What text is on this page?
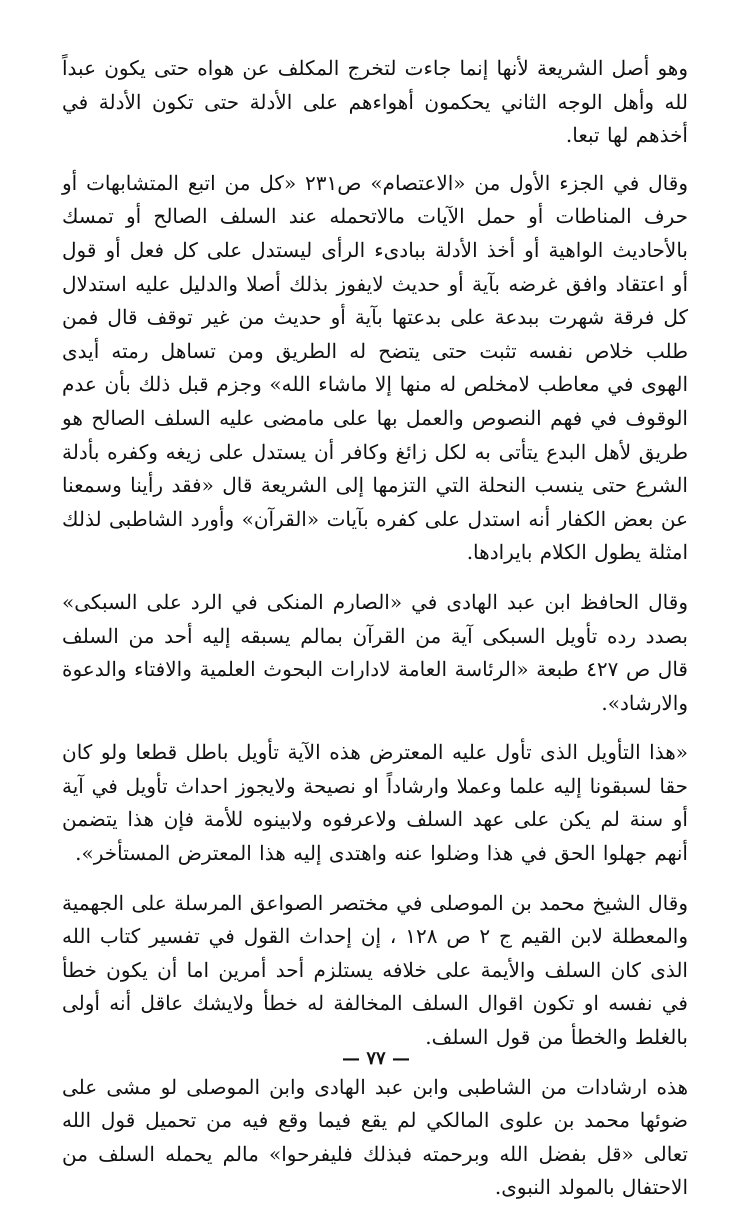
وهو أصل الشريعة لأنها إنما جاءت لتخرج المكلف عن هواه حتى يكون عبداً لله وأهل الوجه الثاني يحكمون أهواءهم على الأدلة حتى تكون الأدلة في أخذهم لها تبعا.

وقال في الجزء الأول من «الاعتصام» ص٢٣١ «كل من اتبع المتشابهات أو حرف المناطات أو حمل الآيات مالاتحمله عند السلف الصالح أو تمسك بالأحاديث الواهية أو أخذ الأدلة ببادىء الرأى ليستدل على كل فعل أو قول أو اعتقاد وافق غرضه بآية أو حديث لايفوز بذلك أصلا والدليل عليه استدلال كل فرقة شهرت ببدعة على بدعتها بآية أو حديث من غير توقف قال فمن طلب خلاص نفسه تثبت حتى يتضح له الطريق ومن تساهل رمته أيدى الهوى في معاطب لامخلص له منها إلا ماشاء الله» وجزم قبل ذلك بأن عدم الوقوف في فهم النصوص والعمل بها على مامضى عليه السلف الصالح هو طريق لأهل البدع يتأتى به لكل زائغ وكافر أن يستدل على زيغه وكفره بأدلة الشرع حتى ينسب النحلة التي التزمها إلى الشريعة قال «فقد رأينا وسمعنا عن بعض الكفار أنه استدل على كفره بآيات «القرآن» وأورد الشاطبى لذلك امثلة يطول الكلام بايرادها.

وقال الحافظ ابن عبد الهادى في «الصارم المنكى في الرد على السبكى» بصدد رده تأويل السبكى آية من القرآن بمالم يسبقه إليه أحد من السلف قال ص ٤٢٧ طبعة «الرئاسة العامة لادارات البحوث العلمية والافتاء والدعوة والارشاد».

«هذا التأويل الذى تأول عليه المعترض هذه الآية تأويل باطل قطعا ولو كان حقا لسبقونا إليه علما وعملا وارشاداً او نصيحة ولايجوز احداث تأويل في آية أو سنة لم يكن على عهد السلف ولاعرفوه ولابينوه للأمة فإن هذا يتضمن أنهم جهلوا الحق في هذا وضلوا عنه واهتدى إليه هذا المعترض المستأخر».

وقال الشيخ محمد بن الموصلى في مختصر الصواعق المرسلة على الجهمية والمعطلة لابن القيم ج ٢ ص ١٢٨ ، إن إحداث القول في تفسير كتاب الله الذى كان السلف والأيمة على خلافه يستلزم أحد أمرين اما أن يكون خطأ في نفسه او تكون اقوال السلف المخالفة له خطأ ولايشك عاقل أنه أولى بالغلط والخطأ من قول السلف.

هذه ارشادات من الشاطبى وابن عبد الهادى وابن الموصلى لو مشى على ضوئها محمد بن علوى المالكي لم يقع فيما وقع فيه من تحميل قول الله تعالى «قل بفضل الله وبرحمته فبذلك فليفرحوا» مالم يحمله السلف من الاحتفال بالمولد النبوى.

— ٧٧ —
